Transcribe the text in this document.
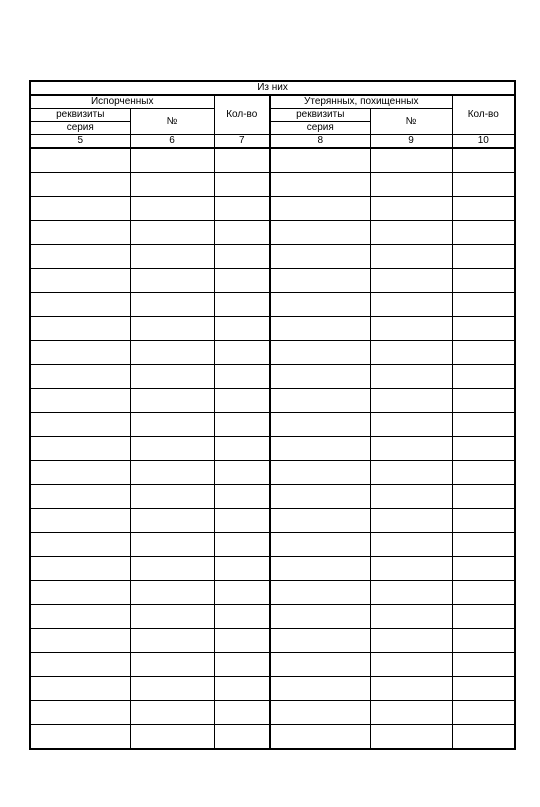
Из них					
Испорченных		Кол-во	Утерянных, похищенных		Кол-во
реквизиты	№		реквизиты	№	
серия			серия		
5	6	7	8	9	10
